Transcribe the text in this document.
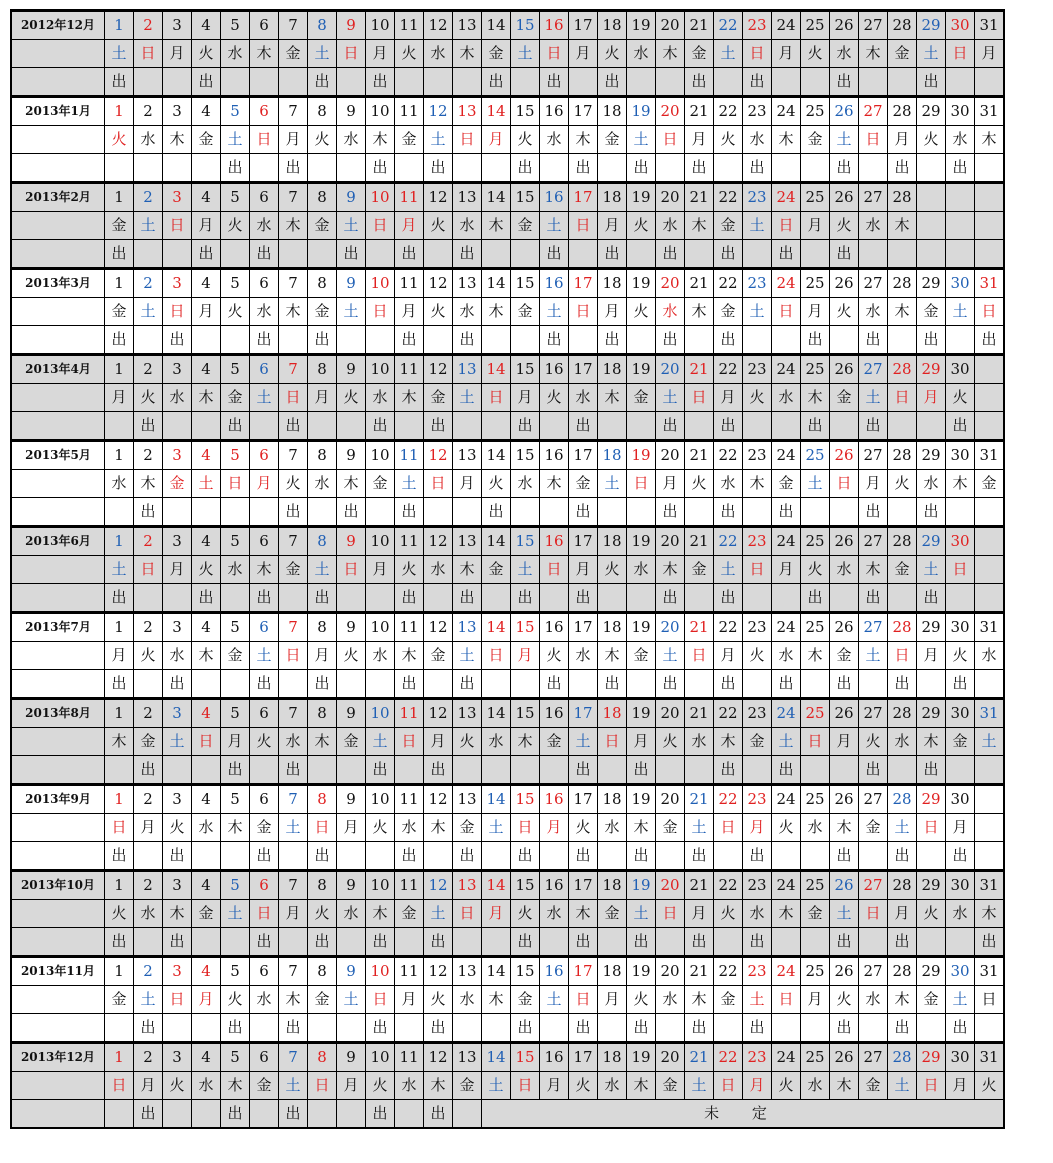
2012年12月	1	2	3	4	5	6	7	8	9	10	11	12	13	14	15	16	17	18	19	20	21	22	23	24	25	26	27	28	29	30	31
	土	日	月	火	水	木	金	土	日	月	火	水	木	金	土	日	月	火	水	木	金	土	日	月	火	水	木	金	土	日	月
	出			出				出		出				出		出		出			出		出			出			出		
2013年1月	1	2	3	4	5	6	7	8	9	10	11	12	13	14	15	16	17	18	19	20	21	22	23	24	25	26	27	28	29	30	31
	火	水	木	金	土	日	月	火	水	木	金	土	日	月	火	水	木	金	土	日	月	火	水	木	金	土	日	月	火	水	木
					出		出			出		出			出		出		出		出		出			出		出		出	
2013年2月	1	2	3	4	5	6	7	8	9	10	11	12	13	14	15	16	17	18	19	20	21	22	23	24	25	26	27	28			
	金	土	日	月	火	水	木	金	土	日	月	火	水	木	金	土	日	月	火	水	木	金	土	日	月	火	水	木			
	出			出		出			出		出		出			出		出		出		出		出		出					
2013年3月	1	2	3	4	5	6	7	8	9	10	11	12	13	14	15	16	17	18	19	20	21	22	23	24	25	26	27	28	29	30	31
	金	土	日	月	火	水	木	金	土	日	月	火	水	木	金	土	日	月	火	水	木	金	土	日	月	火	水	木	金	土	日
	出		出			出		出			出		出			出		出		出		出			出		出		出		出
2013年4月	1	2	3	4	5	6	7	8	9	10	11	12	13	14	15	16	17	18	19	20	21	22	23	24	25	26	27	28	29	30	
	月	火	水	木	金	土	日	月	火	水	木	金	土	日	月	火	水	木	金	土	日	月	火	水	木	金	土	日	月	火	
		出			出		出			出		出			出		出			出		出			出		出			出	
2013年5月	1	2	3	4	5	6	7	8	9	10	11	12	13	14	15	16	17	18	19	20	21	22	23	24	25	26	27	28	29	30	31
	水	木	金	土	日	月	火	水	木	金	土	日	月	火	水	木	金	土	日	月	火	水	木	金	土	日	月	火	水	木	金
		出					出		出		出			出			出			出		出		出			出		出		
2013年6月	1	2	3	4	5	6	7	8	9	10	11	12	13	14	15	16	17	18	19	20	21	22	23	24	25	26	27	28	29	30	
	土	日	月	火	水	木	金	土	日	月	火	水	木	金	土	日	月	火	水	木	金	土	日	月	火	水	木	金	土	日	
	出			出		出		出			出		出		出		出			出		出			出		出		出		
2013年7月	1	2	3	4	5	6	7	8	9	10	11	12	13	14	15	16	17	18	19	20	21	22	23	24	25	26	27	28	29	30	31
	月	火	水	木	金	土	日	月	火	水	木	金	土	日	月	火	水	木	金	土	日	月	火	水	木	金	土	日	月	火	水
	出		出			出		出			出		出			出		出		出		出		出		出		出		出	
2013年8月	1	2	3	4	5	6	7	8	9	10	11	12	13	14	15	16	17	18	19	20	21	22	23	24	25	26	27	28	29	30	31
	木	金	土	日	月	火	水	木	金	土	日	月	火	水	木	金	土	日	月	火	水	木	金	土	日	月	火	水	木	金	土
		出			出		出			出		出					出		出			出		出			出		出		
2013年9月	1	2	3	4	5	6	7	8	9	10	11	12	13	14	15	16	17	18	19	20	21	22	23	24	25	26	27	28	29	30	
	日	月	火	水	木	金	土	日	月	火	水	木	金	土	日	月	火	水	木	金	土	日	月	火	水	木	金	土	日	月	
	出		出			出		出			出		出		出		出		出		出		出			出		出		出	
2013年10月	1	2	3	4	5	6	7	8	9	10	11	12	13	14	15	16	17	18	19	20	21	22	23	24	25	26	27	28	29	30	31
	火	水	木	金	土	日	月	火	水	木	金	土	日	月	火	水	木	金	土	日	月	火	水	木	金	土	日	月	火	水	木
	出		出			出		出		出		出			出		出		出		出		出			出		出			出
2013年11月	1	2	3	4	5	6	7	8	9	10	11	12	13	14	15	16	17	18	19	20	21	22	23	24	25	26	27	28	29	30	31
	金	土	日	月	火	水	木	金	土	日	月	火	水	木	金	土	日	月	火	水	木	金	土	日	月	火	水	木	金	土	日
		出			出		出			出		出			出		出		出		出		出			出		出		出	
2013年12月	1	2	3	4	5	6	7	8	9	10	11	12	13	14	15	16	17	18	19	20	21	22	23	24	25	26	27	28	29	30	31
	日	月	火	水	木	金	土	日	月	火	水	木	金	土	日	月	火	水	木	金	土	日	月	火	水	木	金	土	日	月	火
		出			出		出			出		出		未 定																	
